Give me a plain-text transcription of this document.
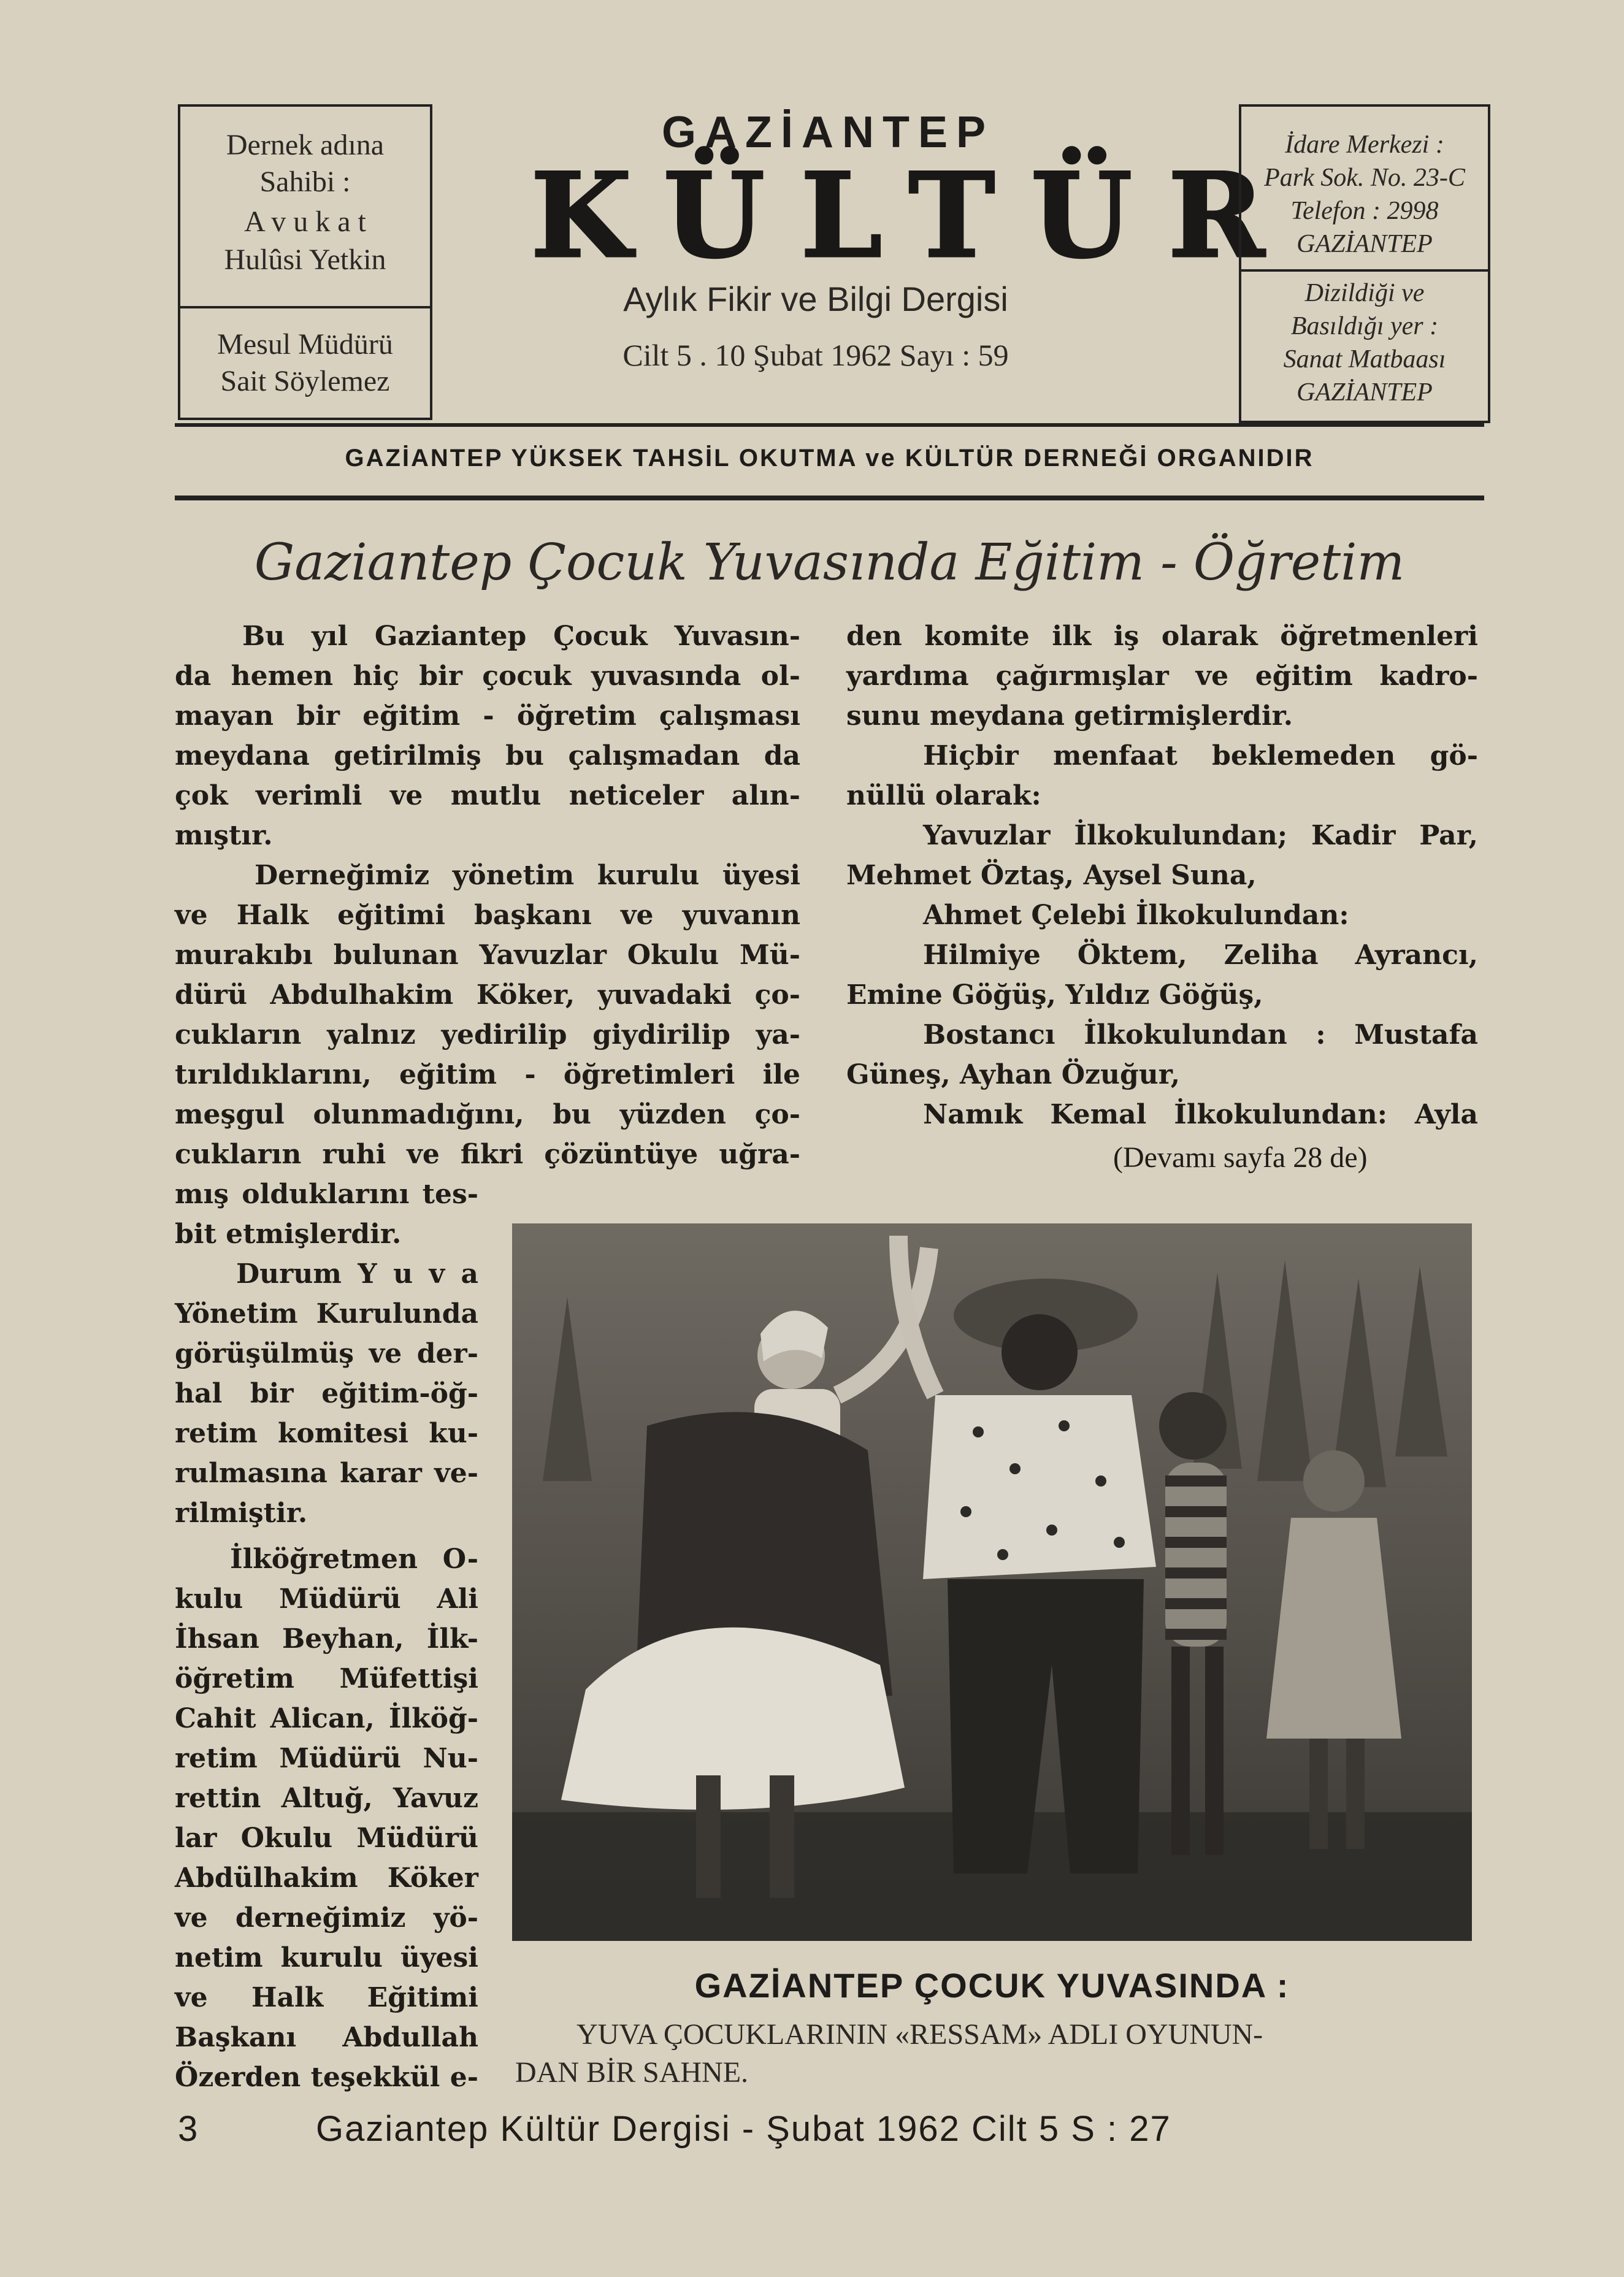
Dernek adına
Sahibi :
A v u k a t
Hulûsi Yetkin
Mesul Müdürü
Sait Söylemez
GAZİANTEP
KÜLTÜR
Aylık Fikir ve Bilgi Dergisi
Cilt 5 . 10 Şubat 1962 Sayı : 59
İdare Merkezi :
Park Sok. No. 23-C
Telefon : 2998
GAZİANTEP
Dizildiği ve
Basıldığı yer :
Sanat Matbaası
GAZİANTEP
GAZİANTEP YÜKSEK TAHSİL OKUTMA ve KÜLTÜR DERNEĞİ ORGANIDIR
Gaziantep Çocuk Yuvasında Eğitim - Öğretim
Bu yıl Gaziantep Çocuk Yuvasın-
da hemen hiç bir çocuk yuvasında ol-
mayan bir eğitim - öğretim çalışması
meydana getirilmiş bu çalışmadan da
çok verimli ve mutlu neticeler alın-
mıştır.
Derneğimiz yönetim kurulu üyesi
ve Halk eğitimi başkanı ve yuvanın
murakıbı bulunan Yavuzlar Okulu Mü-
dürü Abdulhakim Köker, yuvadaki ço-
cukların yalnız yedirilip giydirilip ya-
tırıldıklarını, eğitim - öğretimleri ile
meşgul olunmadığını, bu yüzden ço-
cukların ruhi ve fikri çözüntüye uğra-
mış olduklarını tes-
bit etmişlerdir.
Durum Y u v a
Yönetim Kurulunda
görüşülmüş ve der-
hal bir eğitim-öğ-
retim komitesi ku-
rulmasına karar ve-
rilmiştir.
İlköğretmen O-
kulu Müdürü Ali
İhsan Beyhan, İlk-
öğretim Müfettişi
Cahit Alican, İlköğ-
retim Müdürü Nu-
rettin Altuğ, Yavuz
lar Okulu Müdürü
Abdülhakim Köker
ve derneğimiz yö-
netim kurulu üyesi
ve Halk Eğitimi
Başkanı Abdullah
Özerden teşekkül e-
den komite ilk iş olarak öğretmenleri
yardıma çağırmışlar ve eğitim kadro-
sunu meydana getirmişlerdir.
Hiçbir menfaat beklemeden gö-
nüllü olarak:
Yavuzlar İlkokulundan; Kadir Par,
Mehmet Öztaş, Aysel Suna,
Ahmet Çelebi İlkokulundan:
Hilmiye Öktem, Zeliha Ayrancı,
Emine Göğüş, Yıldız Göğüş,
Bostancı İlkokulundan : Mustafa
Güneş, Ayhan Özuğur,
Namık Kemal İlkokulundan: Ayla
(Devamı sayfa 28 de)
GAZİANTEP ÇOCUK YUVASINDA :
YUVA ÇOCUKLARININ «RESSAM» ADLI OYUNUN-
DAN BİR SAHNE.
3	Gaziantep Kültür Dergisi - Şubat 1962 Cilt 5 S : 27
